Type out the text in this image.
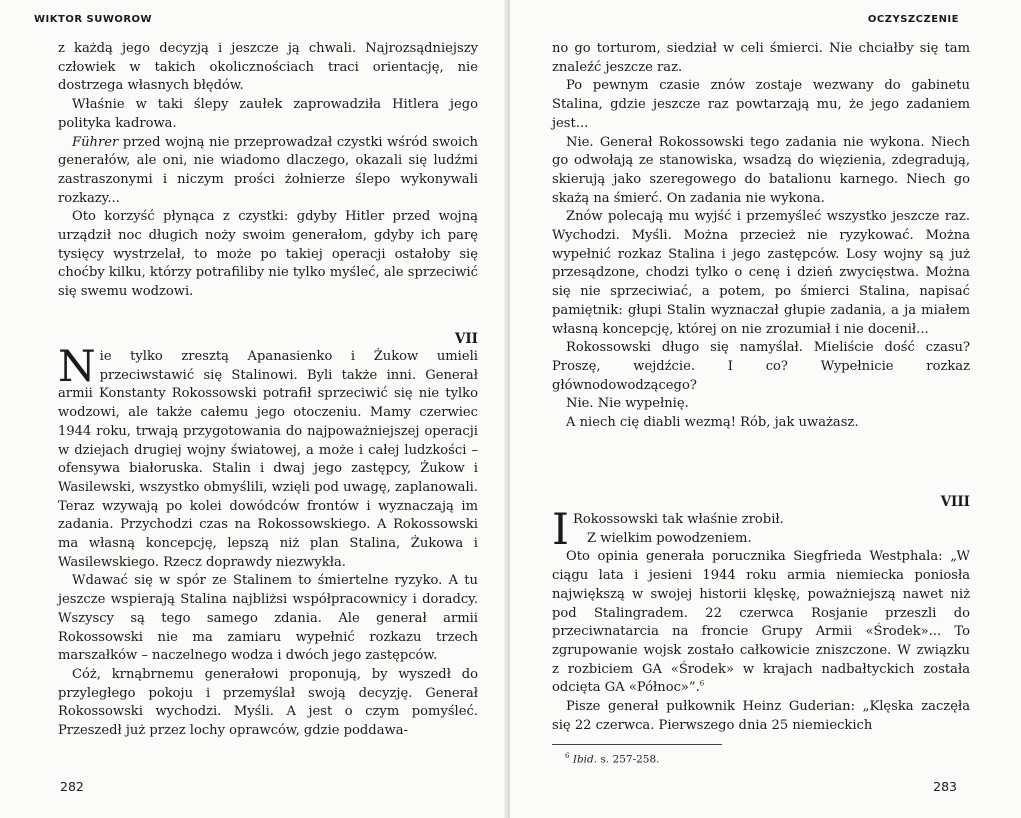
WIKTOR SUWOROW

z każdą jego decyzją i jeszcze ją chwali. Najrozsądniejszy człowiek w takich okolicznościach traci orientację, nie dostrzega własnych błędów.

Właśnie w taki ślepy zaułek zaprowadziła Hitlera jego polityka kadrowa.

Führer przed wojną nie przeprowadzał czystki wśród swoich generałów, ale oni, nie wiadomo dlaczego, okazali się ludźmi zastraszonymi i niczym prości żołnierze ślepo wykonywali rozkazy...

Oto korzyść płynąca z czystki: gdyby Hitler przed wojną urządził noc długich noży swoim generałom, gdyby ich parę tysięcy wystrzelał, to może po takiej operacji ostałoby się choćby kilku, którzy potrafiliby nie tylko myśleć, ale sprzeciwić się swemu wodzowi.

VII

Nie tylko zresztą Apanasienko i Żukow umieli przeciwstawić się Stalinowi. Byli także inni. Generał armii Konstanty Rokossowski potrafił sprzeciwić się nie tylko wodzowi, ale także całemu jego otoczeniu. Mamy czerwiec 1944 roku, trwają przygotowania do najpoważniejszej operacji w dziejach drugiej wojny światowej, a może i całej ludzkości – ofensywa białoruska. Stalin i dwaj jego zastępcy, Żukow i Wasilewski, wszystko obmyślili, wzięli pod uwagę, zaplanowali. Teraz wzywają po kolei dowódców frontów i wyznaczają im zadania. Przychodzi czas na Rokossowskiego. A Rokossowski ma własną koncepcję, lepszą niż plan Stalina, Żukowa i Wasilewskiego. Rzecz doprawdy niezwykła.

Wdawać się w spór ze Stalinem to śmiertelne ryzyko. A tu jeszcze wspierają Stalina najbliżsi współpracownicy i doradcy. Wszyscy są tego samego zdania. Ale generał armii Rokossowski nie ma zamiaru wypełnić rozkazu trzech marszałków – naczelnego wodza i dwóch jego zastępców.

Cóż, krnąbrnemu generałowi proponują, by wyszedł do przyległego pokoju i przemyślał swoją decyzję. Generał Rokossowski wychodzi. Myśli. A jest o czym pomyśleć. Przeszedł już przez lochy oprawców, gdzie poddawa-

282
OCZYSZCZENIE

no go torturom, siedział w celi śmierci. Nie chciałby się tam znaleźć jeszcze raz.

Po pewnym czasie znów zostaje wezwany do gabinetu Stalina, gdzie jeszcze raz powtarzają mu, że jego zadaniem jest...

Nie. Generał Rokossowski tego zadania nie wykona. Niech go odwołają ze stanowiska, wsadzą do więzienia, zdegradują, skierują jako szeregowego do batalionu karnego. Niech go skażą na śmierć. On zadania nie wykona.

Znów polecają mu wyjść i przemyśleć wszystko jeszcze raz. Wychodzi. Myśli. Można przecież nie ryzykować. Można wypełnić rozkaz Stalina i jego zastępców. Losy wojny są już przesądzone, chodzi tylko o cenę i dzień zwycięstwa. Można się nie sprzeciwiać, a potem, po śmierci Stalina, napisać pamiętnik: głupi Stalin wyznaczał głupie zadania, a ja miałem własną koncepcję, której on nie zrozumiał i nie docenił...

Rokossowski długo się namyślał. Mieliście dość czasu? Proszę, wejdźcie. I co? Wypełnicie rozkaz głównodowodzącego?

Nie. Nie wypełnię.

A niech cię diabli wezmą! Rób, jak uważasz.

VIII

I Rokossowski tak właśnie zrobił.

Z wielkim powodzeniem.

Oto opinia generała porucznika Siegfrieda Westphala: „W ciągu lata i jesieni 1944 roku armia niemiecka poniosła największą w swojej historii klęskę, poważniejszą nawet niż pod Stalingradem. 22 czerwca Rosjanie przeszli do przeciwnatarcia na froncie Grupy Armii «Środek»... To zgrupowanie wojsk zostało całkowicie zniszczone. W związku z rozbiciem GA «Środek» w krajach nadbałtyckich została odcięta GA «Północ»”.$^6$

Pisze generał pułkownik Heinz Guderian: „Klęska zaczęła się 22 czerwca. Pierwszego dnia 25 niemieckich

$^6$ Ibid. s. 257-258.
283
